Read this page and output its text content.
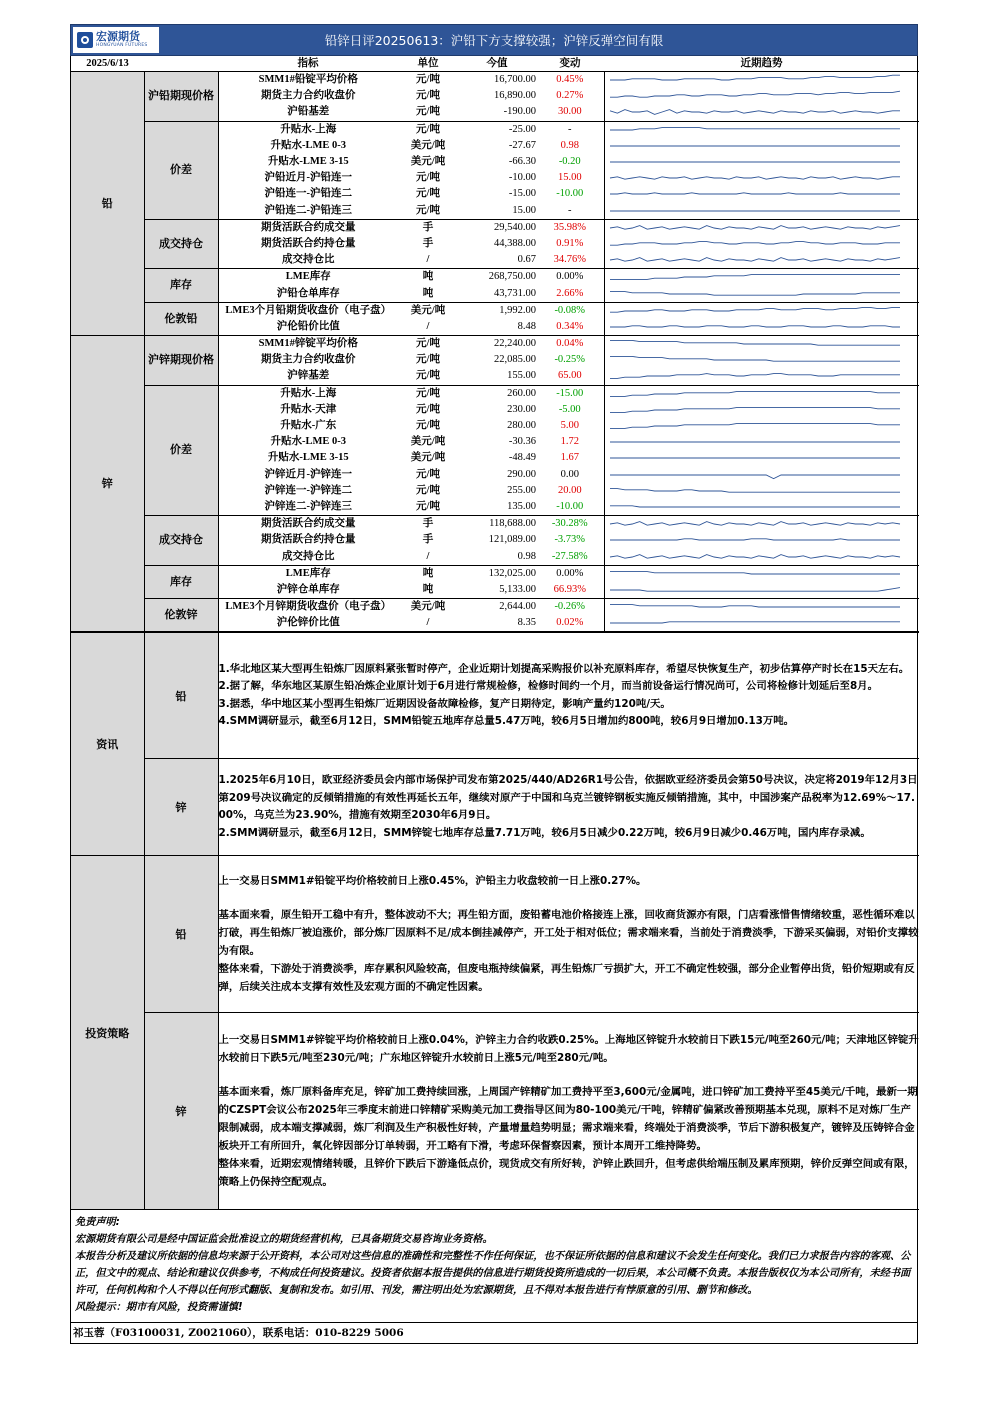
宏源期货
HONGYUAN FUTURES	铅锌日评20250613：沪铅下方支撑较强；沪锌反弹空间有限
2025/6/13		指标	单位	今值	变动	近期趋势
铅	沪铅期现价格	SMM1#铅锭平均价格	元/吨	16,700.00	0.45%	

		期货主力合约收盘价	元/吨	16,890.00	0.27%	

		沪铅基差	元/吨	-190.00	30.00	

	价差	升贴水-上海	元/吨	-25.00	-	

		升贴水-LME 0-3	美元/吨	-27.67	0.98	

		升贴水-LME 3-15	美元/吨	-66.30	-0.20	

		沪铅近月-沪铅连一	元/吨	-10.00	15.00	

		沪铅连一-沪铅连二	元/吨	-15.00	-10.00	

		沪铅连二-沪铅连三	元/吨	15.00	-	

	成交持仓	期货活跃合约成交量	手	29,540.00	35.98%	

		期货活跃合约持仓量	手	44,388.00	0.91%	

		成交持仓比	/	0.67	34.76%	

	库存	LME库存	吨	268,750.00	0.00%	

		沪铅仓单库存	吨	43,731.00	2.66%	

	伦敦铅	LME3个月铅期货收盘价（电子盘）	美元/吨	1,992.00	-0.08%	

		沪伦铅价比值	/	8.48	0.34%	

锌	沪锌期现价格	SMM1#锌锭平均价格	元/吨	22,240.00	0.04%	

		期货主力合约收盘价	元/吨	22,085.00	-0.25%	

		沪锌基差	元/吨	155.00	65.00	

	价差	升贴水-上海	元/吨	260.00	-15.00	

		升贴水-天津	元/吨	230.00	-5.00	

		升贴水-广东	元/吨	280.00	5.00	

		升贴水-LME 0-3	美元/吨	-30.36	1.72	

		升贴水-LME 3-15	美元/吨	-48.49	1.67	

		沪锌近月-沪锌连一	元/吨	290.00	0.00	

		沪锌连一-沪锌连二	元/吨	255.00	20.00	

		沪锌连二-沪锌连三	元/吨	135.00	-10.00	

	成交持仓	期货活跃合约成交量	手	118,688.00	-30.28%	

		期货活跃合约持仓量	手	121,089.00	-3.73%	

		成交持仓比	/	0.98	-27.58%	

	库存	LME库存	吨	132,025.00	0.00%	

		沪锌仓单库存	吨	5,133.00	66.93%	

	伦敦锌	LME3个月锌期货收盘价（电子盘）	美元/吨	2,644.00	-0.26%	

		沪伦锌价比值	/	8.35	0.02%	
资讯	铅	1.华北地区某大型再生铅炼厂因原料紧张暂时停产，企业近期计划提高采购报价以补充原料库存，希望尽快恢复生产，初步估算停产时长在15天左右。

2.据了解，华东地区某原生铅冶炼企业原计划于6月进行常规检修，检修时间约一个月，而当前设备运行情况尚可，公司将检修计划延后至8月。

3.据悉，华中地区某小型再生铅炼厂近期因设备故障检修，复产日期待定，影响产量约120吨/天。

4.SMM调研显示，截至6月12日，SMM铅锭五地库存总量5.47万吨，较6月5日增加约800吨，较6月9日增加0.13万吨。

	锌	1.2025年6月10日，欧亚经济委员会内部市场保护司发布第2025/440/AD26R1号公告，依据欧亚经济委员会第50号决议，决定将2019年12月3日第209号决议确定的反倾销措施的有效性再延长五年，继续对原产于中国和乌克兰镀锌钢板实施反倾销措施，其中，中国涉案产品税率为12.69%～17.00%，乌克兰为23.90%，措施有效期至2030年6月9日。

2.SMM调研显示，截至6月12日，SMM锌锭七地库存总量7.71万吨，较6月5日减少0.22万吨，较6月9日减少0.46万吨，国内库存录减。

投资策略	铅	上一交易日SMM1#铅锭平均价格较前日上涨0.45%，沪铅主力收盘较前一日上涨0.27%。

基本面来看，原生铅开工稳中有升，整体波动不大；再生铅方面，废铅蓄电池价格接连上涨，回收商货源亦有限，门店看涨惜售情绪较重，恶性循环难以打破，再生铅炼厂被迫涨价，部分炼厂因原料不足/成本倒挂减停产，开工处于相对低位；需求端来看，当前处于消费淡季，下游采买偏弱，对铅价支撑较为有限。

整体来看，下游处于消费淡季，库存累积风险较高，但废电瓶持续偏紧，再生铅炼厂亏损扩大，开工不确定性较强，部分企业暂停出货，铅价短期或有反弹，后续关注成本支撑有效性及宏观方面的不确定性因素。

	锌	上一交易日SMM1#锌锭平均价格较前日上涨0.04%，沪锌主力合约收跌0.25%。上海地区锌锭升水较前日下跌15元/吨至260元/吨；天津地区锌锭升水较前日下跌5元/吨至230元/吨；广东地区锌锭升水较前日上涨5元/吨至280元/吨。

基本面来看，炼厂原料备库充足，锌矿加工费持续回涨，上周国产锌精矿加工费持平至3,600元/金属吨，进口锌矿加工费持平至45美元/千吨，最新一期的CZSPT会议公布2025年三季度末前进口锌精矿采购美元加工费指导区间为80-100美元/干吨，锌精矿偏紧改善预期基本兑现，原料不足对炼厂生产限制减弱，成本端支撑减弱，炼厂利润及生产积极性好转，产量增量趋势明显；需求端来看，终端处于消费淡季，节后下游积极复产，镀锌及压铸锌合金板块开工有所回升，氧化锌因部分订单转弱，开工略有下滑，考虑环保督察因素，预计本周开工维持降势。

整体来看，近期宏观情绪转暖，且锌价下跌后下游逢低点价，现货成交有所好转，沪锌止跌回升，但考虑供给端压制及累库预期，锌价反弹空间或有限，策略上仍保持空配观点。

免责声明:

宏源期货有限公司是经中国证监会批准设立的期货经营机构，已具备期货交易咨询业务资格。

本报告分析及建议所依据的信息均来源于公开资料，本公司对这些信息的准确性和完整性不作任何保证，也不保证所依据的信息和建议不会发生任何变化。我们已力求报告内容的客观、公正，但文中的观点、结论和建议仅供参考，不构成任何投资建议。投资者依据本报告提供的信息进行期货投资所造成的一切后果，本公司概不负责。本报告版权仅为本公司所有，未经书面许可，任何机构和个人不得以任何形式翻版、复制和发布。如引用、刊发，需注明出处为宏源期货，且不得对本报告进行有悖原意的引用、删节和修改。

风险提示：期市有风险，投资需谨慎!

祁玉蓉（F03100031, Z0021060），联系电话：010-8229 5006
